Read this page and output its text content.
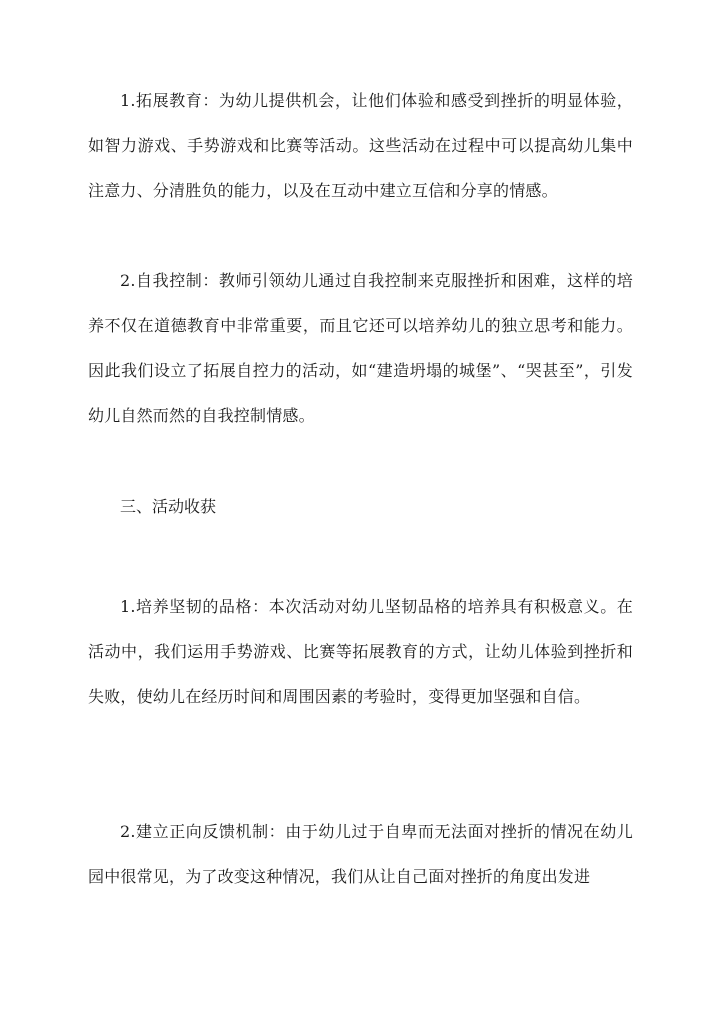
1.拓展教育：为幼儿提供机会，让他们体验和感受到挫折的明显体验，如智力游戏、手势游戏和比赛等活动。这些活动在过程中可以提高幼儿集中注意力、分清胜负的能力，以及在互动中建立互信和分享的情感。

2.自我控制：教师引领幼儿通过自我控制来克服挫折和困难，这样的培养不仅在道德教育中非常重要，而且它还可以培养幼儿的独立思考和能力。因此我们设立了拓展自控力的活动，如“建造坍塌的城堡”、“哭甚至”，引发幼儿自然而然的自我控制情感。

三、活动收获

1.培养坚韧的品格：本次活动对幼儿坚韧品格的培养具有积极意义。在活动中，我们运用手势游戏、比赛等拓展教育的方式，让幼儿体验到挫折和失败，使幼儿在经历时间和周围因素的考验时，变得更加坚强和自信。

2.建立正向反馈机制：由于幼儿过于自卑而无法面对挫折的情况在幼儿园中很常见，为了改变这种情况，我们从让自己面对挫折的角度出发进
